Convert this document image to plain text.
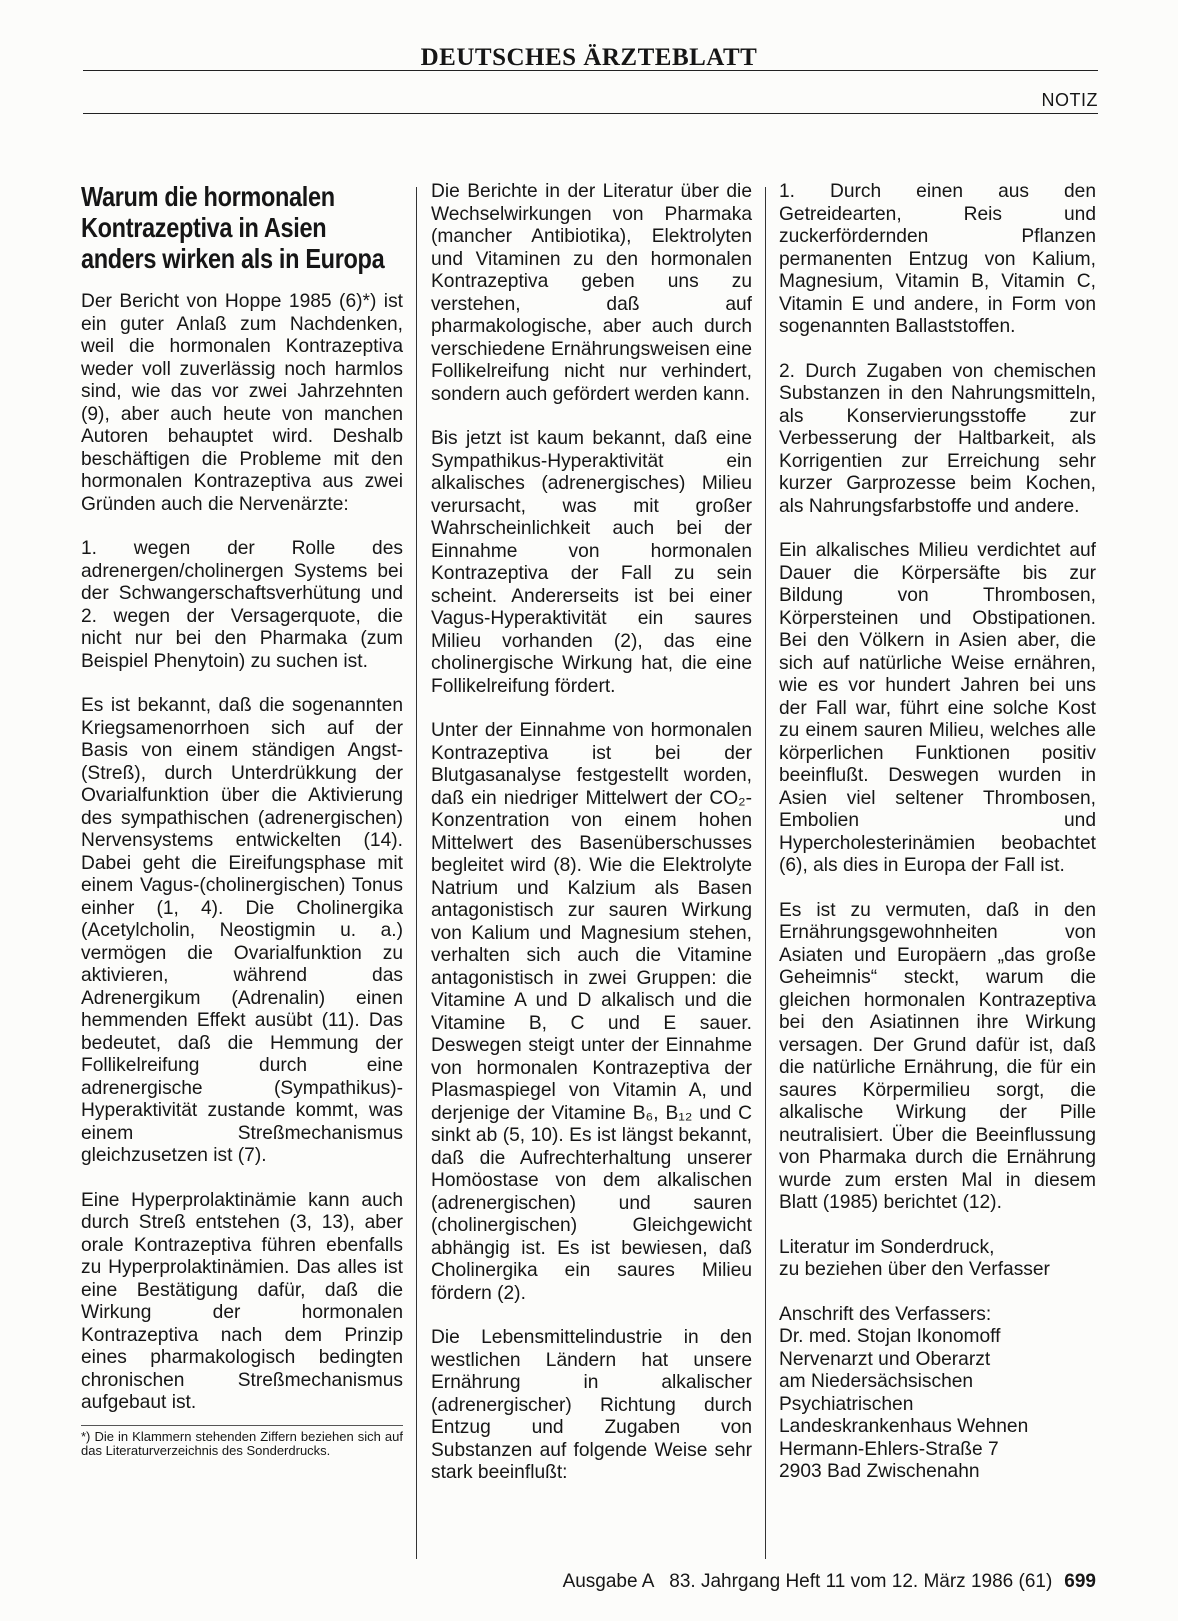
DEUTSCHES ÄRZTEBLATT
NOTIZ
Warum die hormonalen Kontrazeptiva in Asien anders wirken als in Europa

Der Bericht von Hoppe 1985 (6)*) ist ein guter Anlaß zum Nachdenken, weil die hormonalen Kontrazeptiva weder voll zuverlässig noch harmlos sind, wie das vor zwei Jahrzehnten (9), aber auch heute von manchen Autoren behauptet wird. Deshalb beschäftigen die Probleme mit den hormonalen Kontrazeptiva aus zwei Gründen auch die Nervenärzte:

1. wegen der Rolle des adrenergen/cholinergen Systems bei der Schwangerschaftsverhütung und 2. wegen der Versagerquote, die nicht nur bei den Pharmaka (zum Beispiel Phenytoin) zu suchen ist.

Es ist bekannt, daß die sogenannten Kriegsamenorrhoen sich auf der Basis von einem ständigen Angst-(Streß), durch Unterdrükkung der Ovarialfunktion über die Aktivierung des sympathischen (adrenergischen) Nervensystems entwickelten (14). Dabei geht die Eireifungsphase mit einem Vagus-(cholinergischen) Tonus einher (1, 4). Die Cholinergika (Acetylcholin, Neostigmin u. a.) vermögen die Ovarialfunktion zu aktivieren, während das Adrenergikum (Adrenalin) einen hemmenden Effekt ausübt (11). Das bedeutet, daß die Hemmung der Follikelreifung durch eine adrenergische (Sympathikus)-Hyperaktivität zustande kommt, was einem Streßmechanismus gleichzusetzen ist (7).

Eine Hyperprolaktinämie kann auch durch Streß entstehen (3, 13), aber orale Kontrazeptiva führen ebenfalls zu Hyperprolaktinämien. Das alles ist eine Bestätigung dafür, daß die Wirkung der hormonalen Kontrazeptiva nach dem Prinzip eines pharmakologisch bedingten chronischen Streßmechanismus aufgebaut ist.

*) Die in Klammern stehenden Ziffern beziehen sich auf das Literaturverzeichnis des Sonderdrucks.

Die Berichte in der Literatur über die Wechselwirkungen von Pharmaka (mancher Antibiotika), Elektrolyten und Vitaminen zu den hormonalen Kontrazeptiva geben uns zu verstehen, daß auf pharmakologische, aber auch durch verschiedene Ernährungsweisen eine Follikelreifung nicht nur verhindert, sondern auch gefördert werden kann.

Bis jetzt ist kaum bekannt, daß eine Sympathikus-Hyperaktivität ein alkalisches (adrenergisches) Milieu verursacht, was mit großer Wahrscheinlichkeit auch bei der Einnahme von hormonalen Kontrazeptiva der Fall zu sein scheint. Andererseits ist bei einer Vagus-Hyperaktivität ein saures Milieu vorhanden (2), das eine cholinergische Wirkung hat, die eine Follikelreifung fördert.

Unter der Einnahme von hormonalen Kontrazeptiva ist bei der Blutgasanalyse festgestellt worden, daß ein niedriger Mittelwert der CO₂-Konzentration von einem hohen Mittelwert des Basenüberschusses begleitet wird (8). Wie die Elektrolyte Natrium und Kalzium als Basen antagonistisch zur sauren Wirkung von Kalium und Magnesium stehen, verhalten sich auch die Vitamine antagonistisch in zwei Gruppen: die Vitamine A und D alkalisch und die Vitamine B, C und E sauer. Deswegen steigt unter der Einnahme von hormonalen Kontrazeptiva der Plasmaspiegel von Vitamin A, und derjenige der Vitamine B₆, B₁₂ und C sinkt ab (5, 10). Es ist längst bekannt, daß die Aufrechterhaltung unserer Homöostase von dem alkalischen (adrenergischen) und sauren (cholinergischen) Gleichgewicht abhängig ist. Es ist bewiesen, daß Cholinergika ein saures Milieu fördern (2).

Die Lebensmittelindustrie in den westlichen Ländern hat unsere Ernährung in alkalischer (adrenergischer) Richtung durch Entzug und Zugaben von Substanzen auf folgende Weise sehr stark beeinflußt:

1. Durch einen aus den Getreidearten, Reis und zuckerfördernden Pflanzen permanenten Entzug von Kalium, Magnesium, Vitamin B, Vitamin C, Vitamin E und andere, in Form von sogenannten Ballaststoffen.

2. Durch Zugaben von chemischen Substanzen in den Nahrungsmitteln, als Konservierungsstoffe zur Verbesserung der Haltbarkeit, als Korrigentien zur Erreichung sehr kurzer Garprozesse beim Kochen, als Nahrungsfarbstoffe und andere.

Ein alkalisches Milieu verdichtet auf Dauer die Körpersäfte bis zur Bildung von Thrombosen, Körpersteinen und Obstipationen. Bei den Völkern in Asien aber, die sich auf natürliche Weise ernähren, wie es vor hundert Jahren bei uns der Fall war, führt eine solche Kost zu einem sauren Milieu, welches alle körperlichen Funktionen positiv beeinflußt. Deswegen wurden in Asien viel seltener Thrombosen, Embolien und Hypercholesterinämien beobachtet (6), als dies in Europa der Fall ist.

Es ist zu vermuten, daß in den Ernährungsgewohnheiten von Asiaten und Europäern „das große Geheimnis“ steckt, warum die gleichen hormonalen Kontrazeptiva bei den Asiatinnen ihre Wirkung versagen. Der Grund dafür ist, daß die natürliche Ernährung, die für ein saures Körpermilieu sorgt, die alkalische Wirkung der Pille neutralisiert. Über die Beeinflussung von Pharmaka durch die Ernährung wurde zum ersten Mal in diesem Blatt (1985) berichtet (12).

Literatur im Sonderdruck,
zu beziehen über den Verfasser

Anschrift des Verfassers:
Dr. med. Stojan Ikonomoff
Nervenarzt und Oberarzt
am Niedersächsischen
Psychiatrischen
Landeskrankenhaus Wehnen
Hermann-Ehlers-Straße 7
2903 Bad Zwischenahn

Ausgabe A   83. Jahrgang Heft 11 vom 12. März 1986 (61) 699
